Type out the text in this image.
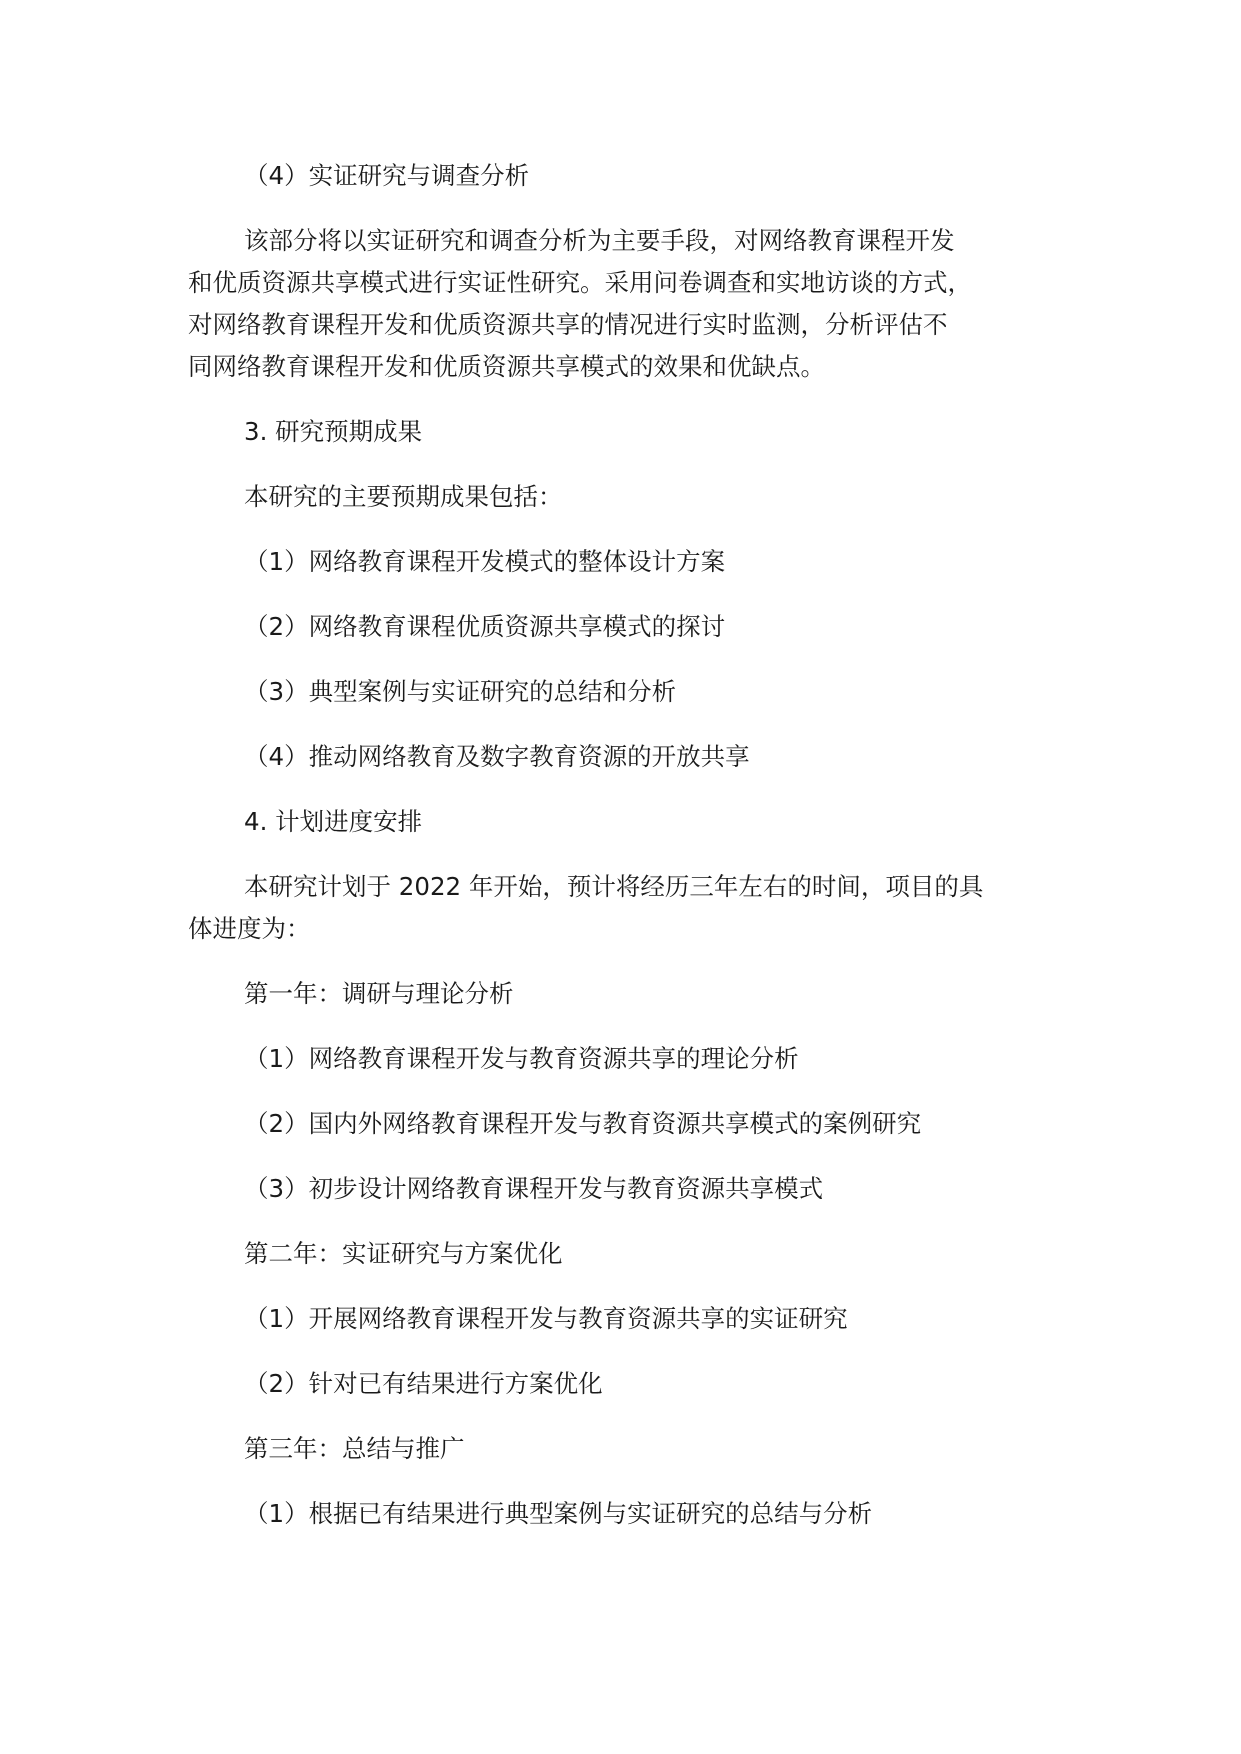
（4）实证研究与调查分析

该部分将以实证研究和调查分析为主要手段，对网络教育课程开发
和优质资源共享模式进行实证性研究。采用问卷调查和实地访谈的方式，
对网络教育课程开发和优质资源共享的情况进行实时监测，分析评估不
同网络教育课程开发和优质资源共享模式的效果和优缺点。

3. 研究预期成果

本研究的主要预期成果包括：

（1）网络教育课程开发模式的整体设计方案

（2）网络教育课程优质资源共享模式的探讨

（3）典型案例与实证研究的总结和分析

（4）推动网络教育及数字教育资源的开放共享

4. 计划进度安排

本研究计划于 2022 年开始，预计将经历三年左右的时间，项目的具
体进度为：

第一年：调研与理论分析

（1）网络教育课程开发与教育资源共享的理论分析

（2）国内外网络教育课程开发与教育资源共享模式的案例研究

（3）初步设计网络教育课程开发与教育资源共享模式

第二年：实证研究与方案优化

（1）开展网络教育课程开发与教育资源共享的实证研究

（2）针对已有结果进行方案优化

第三年：总结与推广

（1）根据已有结果进行典型案例与实证研究的总结与分析
